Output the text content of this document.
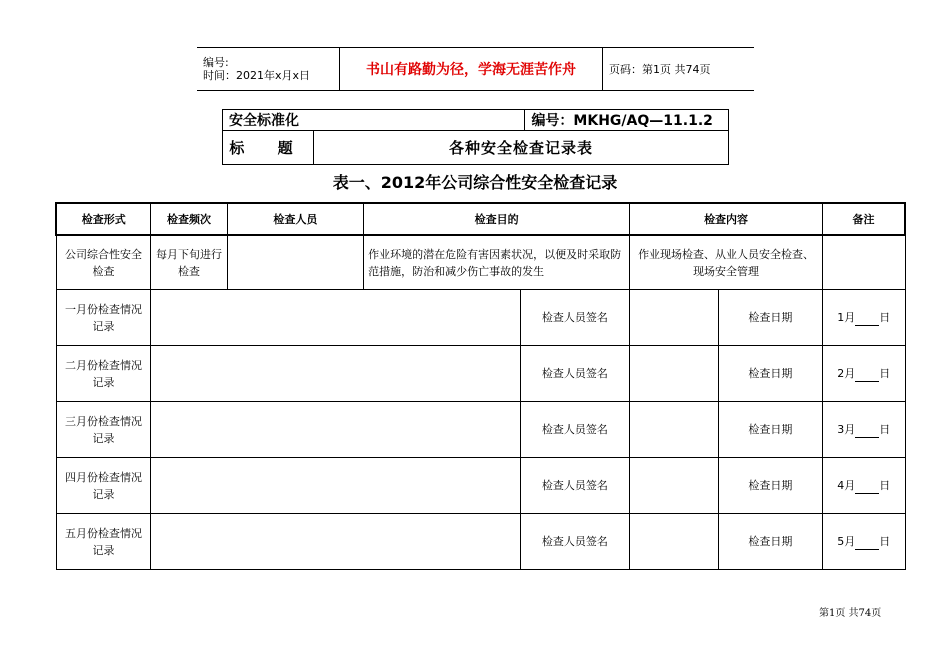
编号:
时间：2021年x月x日	书山有路勤为径，学海无涯苦作舟	页码：第1页 共74页
安全标准化		编号：MKHG/AQ—11.1.2
标 题	各种安全检查记录表	
表一、2012年公司综合性安全检查记录
检查形式	检查频次	检查人员	检查目的		检查内容		备注
公司综合性安全检查	每月下旬进行检查		作业环境的潜在危险有害因素状况，以便及时采取防范措施，防治和减少伤亡事故的发生		作业现场检查、从业人员安全检查、现场安全管理		
一月份检查情况记录				检查人员签名		检查日期	1月 日
二月份检查情况记录				检查人员签名		检查日期	2月 日
三月份检查情况记录				检查人员签名		检查日期	3月 日
四月份检查情况记录				检查人员签名		检查日期	4月 日
五月份检查情况记录				检查人员签名		检查日期	5月 日
第1页 共74页
